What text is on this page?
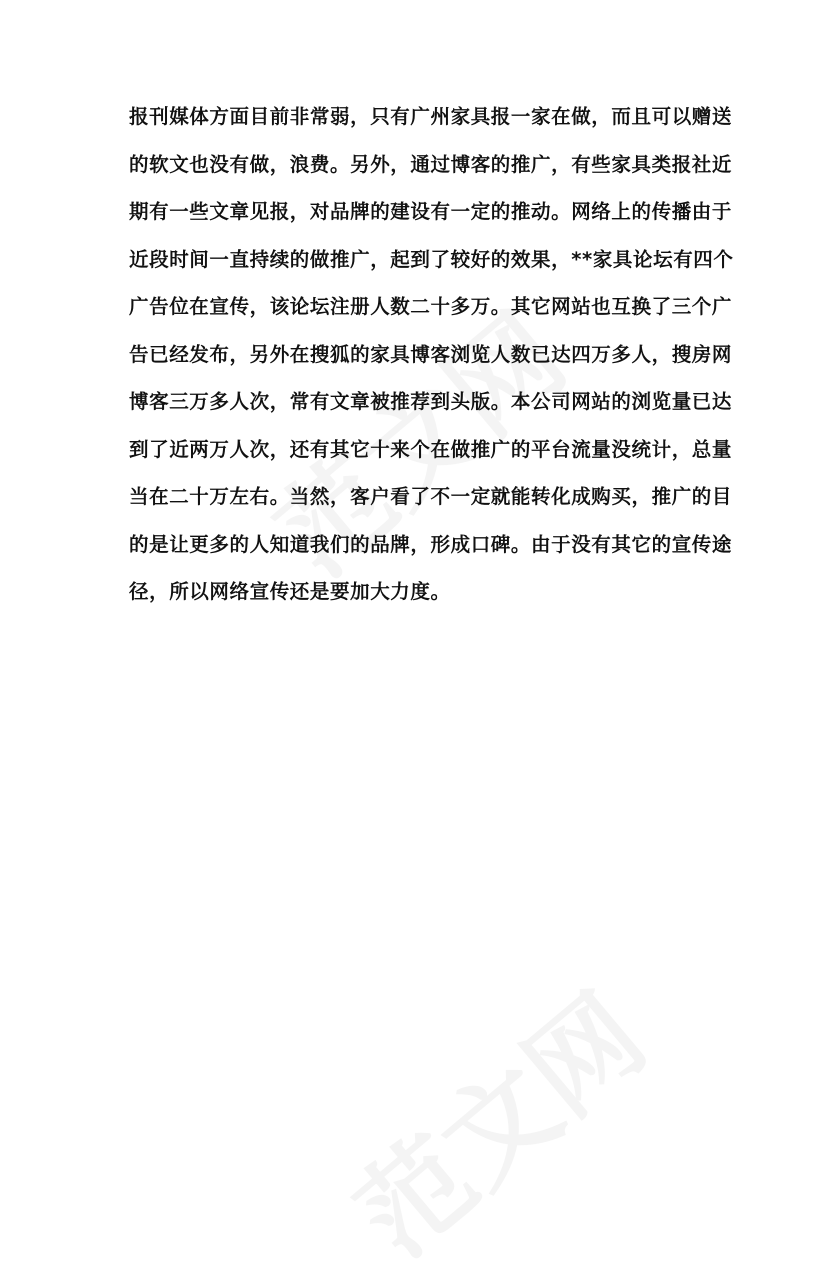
报刊媒体方面目前非常弱，只有广州家具报一家在做，而且可以赠送
的软文也没有做，浪费。另外，通过博客的推广，有些家具类报社近
期有一些文章见报，对品牌的建设有一定的推动。网络上的传播由于
近段时间一直持续的做推广，起到了较好的效果，**家具论坛有四个
广告位在宣传，该论坛注册人数二十多万。其它网站也互换了三个广
告已经发布，另外在搜狐的家具博客浏览人数已达四万多人，搜房网
博客三万多人次，常有文章被推荐到头版。本公司网站的浏览量已达
到了近两万人次，还有其它十来个在做推广的平台流量没统计，总量
当在二十万左右。当然，客户看了不一定就能转化成购买，推广的目
的是让更多的人知道我们的品牌，形成口碑。由于没有其它的宣传途
径，所以网络宣传还是要加大力度。
